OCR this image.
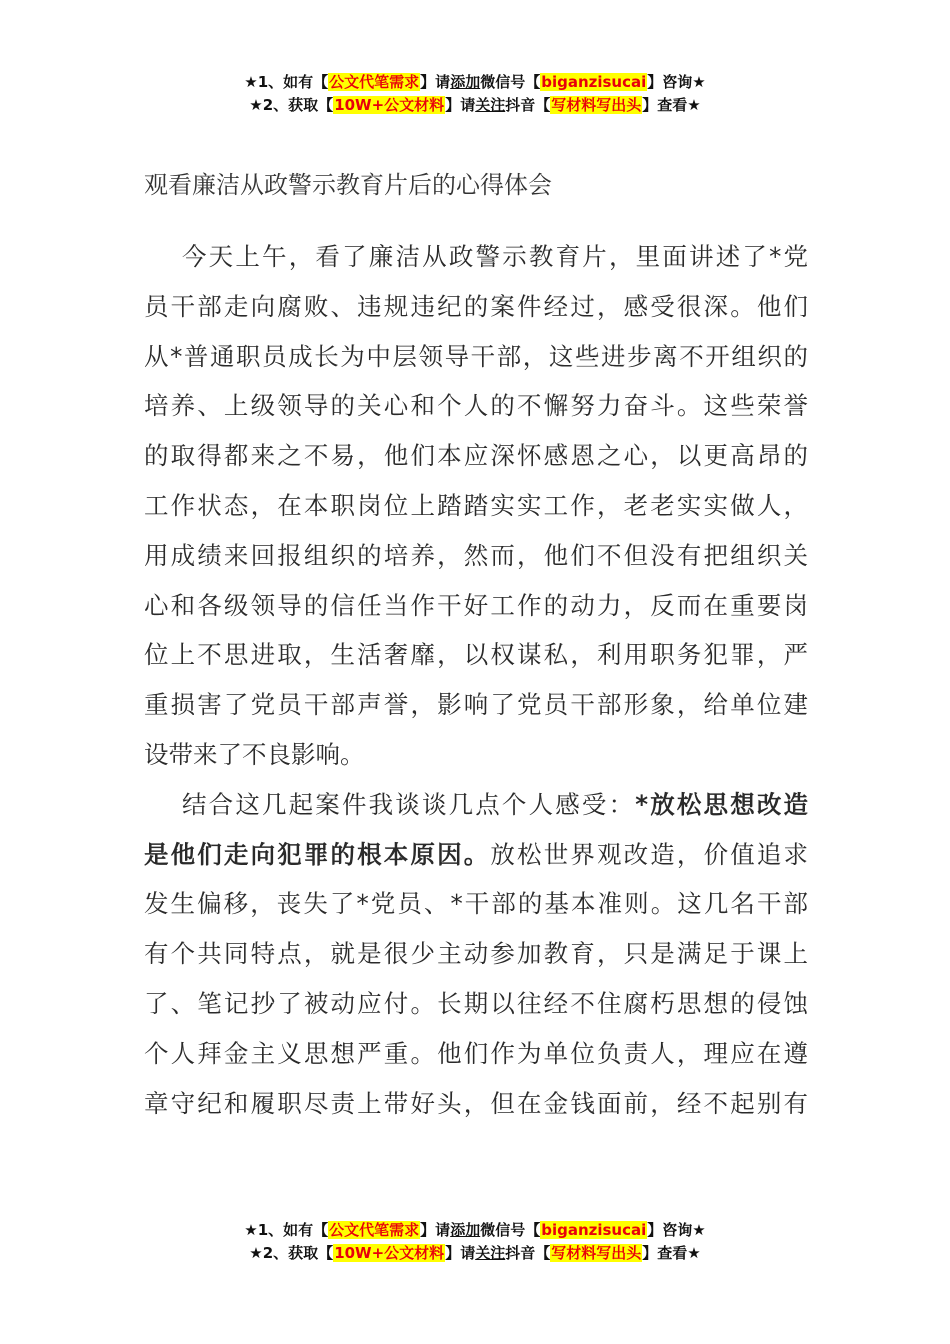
★1、如有【公文代笔需求】请添加微信号【biganzisucai】咨询★
★2、获取【10W+公文材料】请关注抖音【写材料写出头】查看★
观看廉洁从政警示教育片后的心得体会
今天上午，看了廉洁从政警示教育片，里面讲述了*党
员干部走向腐败、违规违纪的案件经过，感受很深。他们
从*普通职员成长为中层领导干部，这些进步离不开组织的
培养、上级领导的关心和个人的不懈努力奋斗。这些荣誉
的取得都来之不易，他们本应深怀感恩之心，以更高昂的
工作状态，在本职岗位上踏踏实实工作，老老实实做人，
用成绩来回报组织的培养，然而，他们不但没有把组织关
心和各级领导的信任当作干好工作的动力，反而在重要岗
位上不思进取，生活奢靡，以权谋私，利用职务犯罪，严
重损害了党员干部声誉，影响了党员干部形象，给单位建
设带来了不良影响。
结合这几起案件我谈谈几点个人感受：*放松思想改造
是他们走向犯罪的根本原因。放松世界观改造，价值追求
发生偏移，丧失了*党员、*干部的基本准则。这几名干部
有个共同特点，就是很少主动参加教育，只是满足于课上
了、笔记抄了被动应付。长期以往经不住腐朽思想的侵蚀
个人拜金主义思想严重。他们作为单位负责人，理应在遵
章守纪和履职尽责上带好头，但在金钱面前，经不起别有
★1、如有【公文代笔需求】请添加微信号【biganzisucai】咨询★
★2、获取【10W+公文材料】请关注抖音【写材料写出头】查看★
